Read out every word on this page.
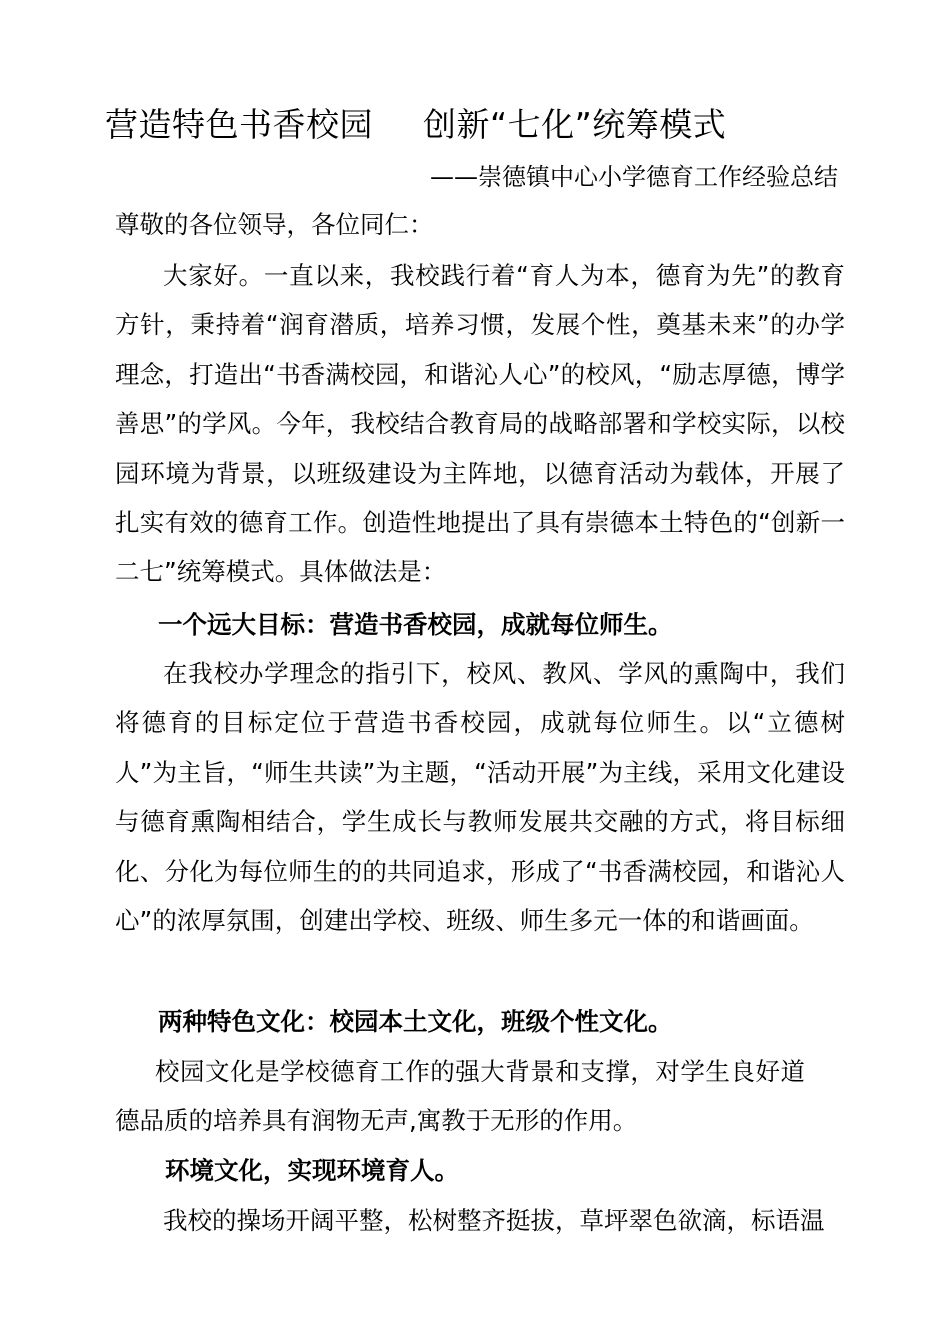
营造特色书香校园 创新“七化”统筹模式
——崇德镇中心小学德育工作经验总结
尊敬的各位领导，各位同仁：
大家好。一直以来，我校践行着“育人为本，德育为先”的教育方针，秉持着“润育潜质，培养习惯，发展个性，奠基未来”的办学理念，打造出“书香满校园，和谐沁人心”的校风，“励志厚德，博学善思”的学风。今年，我校结合教育局的战略部署和学校实际，以校园环境为背景，以班级建设为主阵地，以德育活动为载体，开展了扎实有效的德育工作。创造性地提出了具有崇德本土特色的“创新一二七”统筹模式。具体做法是：
一个远大目标：营造书香校园，成就每位师生。
在我校办学理念的指引下，校风、教风、学风的熏陶中，我们将德育的目标定位于营造书香校园，成就每位师生。以“立德树人”为主旨，“师生共读”为主题，“活动开展”为主线，采用文化建设与德育熏陶相结合，学生成长与教师发展共交融的方式，将目标细化、分化为每位师生的的共同追求，形成了“书香满校园，和谐沁人心”的浓厚氛围，创建出学校、班级、师生多元一体的和谐画面。
两种特色文化：校园本土文化，班级个性文化。
校园文化是学校德育工作的强大背景和支撑，对学生良好道德品质的培养具有润物无声,寓教于无形的作用。
环境文化，实现环境育人。
我校的操场开阔平整，松树整齐挺拔，草坪翠色欲滴，标语温
